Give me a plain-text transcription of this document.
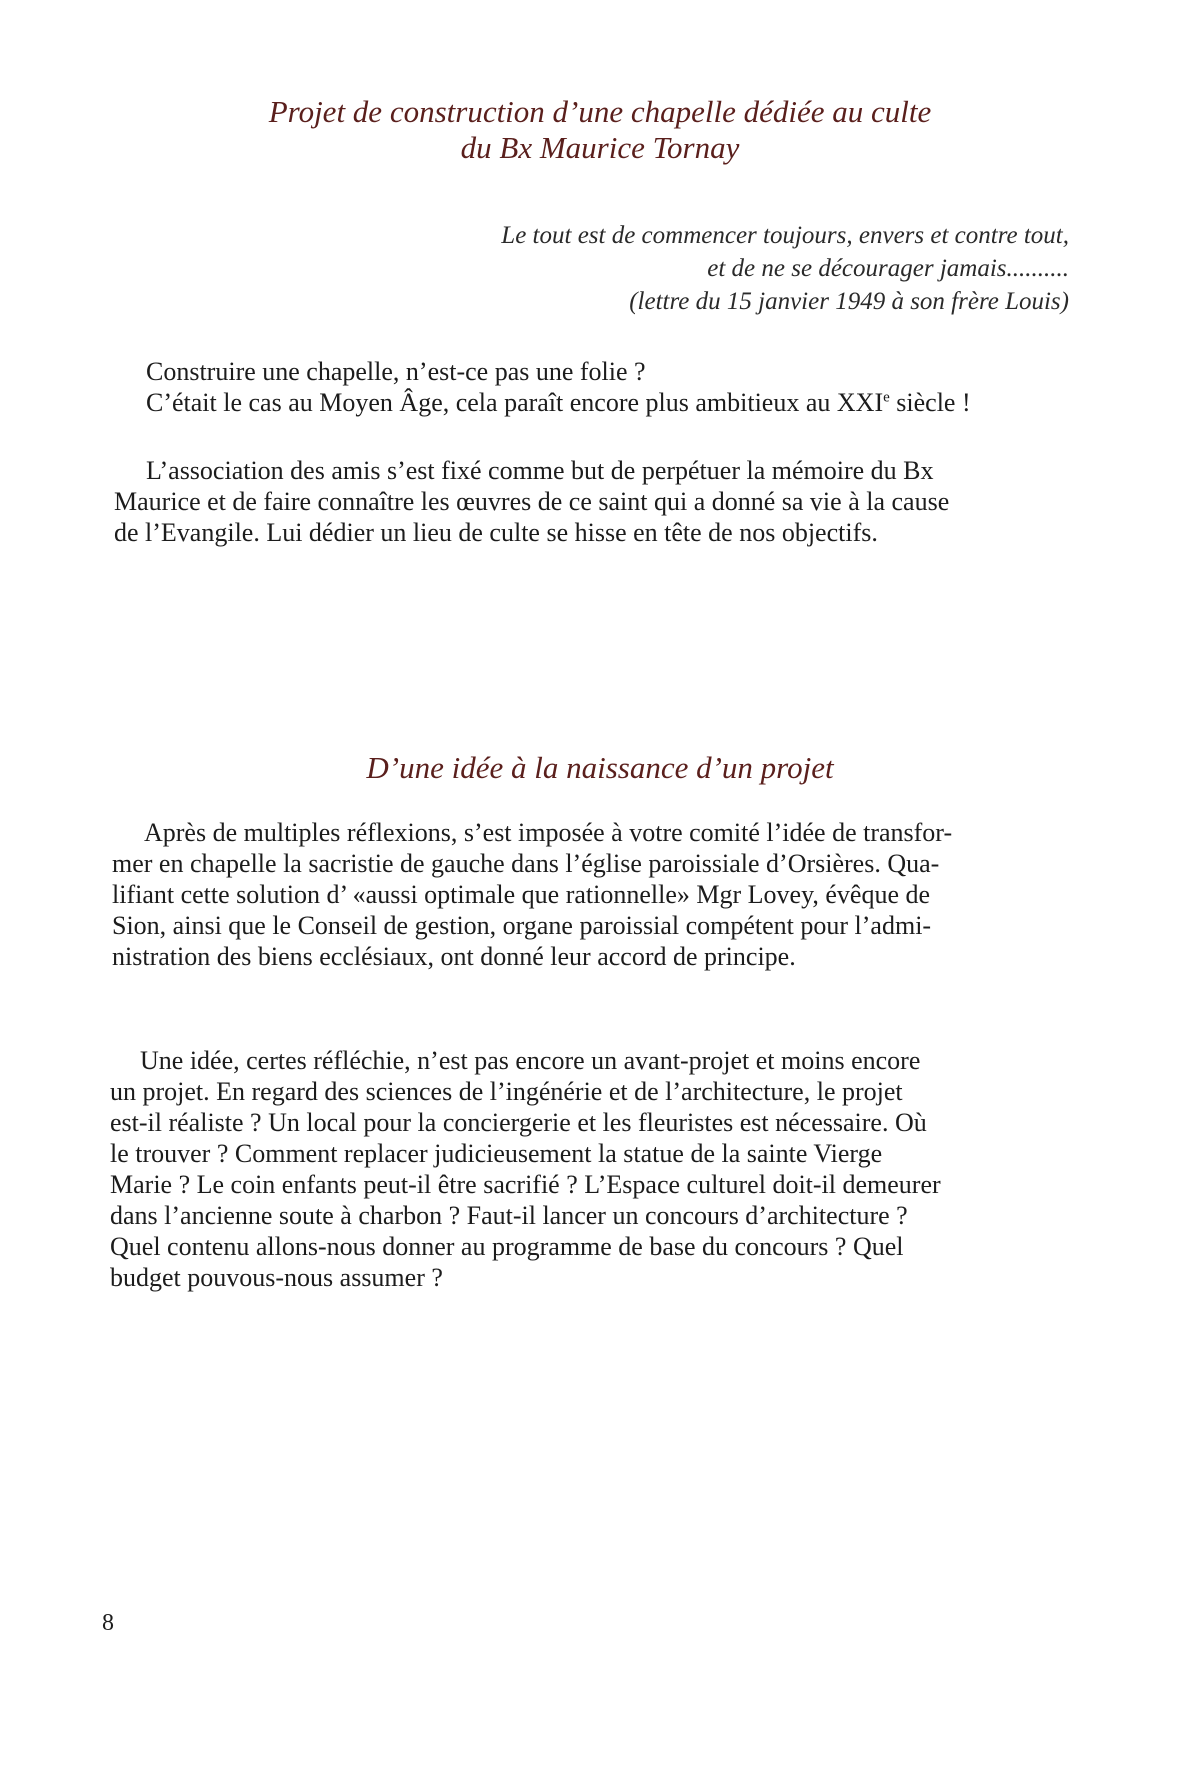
Projet de construction d’une chapelle dédiée au culte
du Bx Maurice Tornay
Le tout est de commencer toujours, envers et contre tout,
et de ne se décourager jamais..........
(lettre du 15 janvier 1949 à son frère Louis)
Construire une chapelle, n’est-ce pas une folie ?
C’était le cas au Moyen Âge, cela paraît encore plus ambitieux au XXIe siècle !
L’association des amis s’est fixé comme but de perpétuer la mémoire du Bx
Maurice et de faire connaître les œuvres de ce saint qui a donné sa vie à la cause
de l’Evangile. Lui dédier un lieu de culte se hisse en tête de nos objectifs.
D’une idée à la naissance d’un projet
Après de multiples réflexions, s’est imposée à votre comité l’idée de transfor-
mer en chapelle la sacristie de gauche dans l’église paroissiale d’Orsières. Qua-
lifiant cette solution d’ «aussi optimale que rationnelle» Mgr Lovey, évêque de
Sion, ainsi que le Conseil de gestion, organe paroissial compétent pour l’admi-
nistration des biens ecclésiaux, ont donné leur accord de principe.
Une idée, certes réfléchie, n’est pas encore un avant-projet et moins encore
un projet. En regard des sciences de l’ingénérie et de l’architecture, le projet
est-il réaliste ? Un local pour la conciergerie et les fleuristes est nécessaire. Où
le trouver ? Comment replacer judicieusement la statue de la sainte Vierge
Marie ? Le coin enfants peut-il être sacrifié ? L’Espace culturel doit-il demeurer
dans l’ancienne soute à charbon ? Faut-il lancer un concours d’architecture ?
Quel contenu allons-nous donner au programme de base du concours ? Quel
budget pouvous-nous assumer ?
8
